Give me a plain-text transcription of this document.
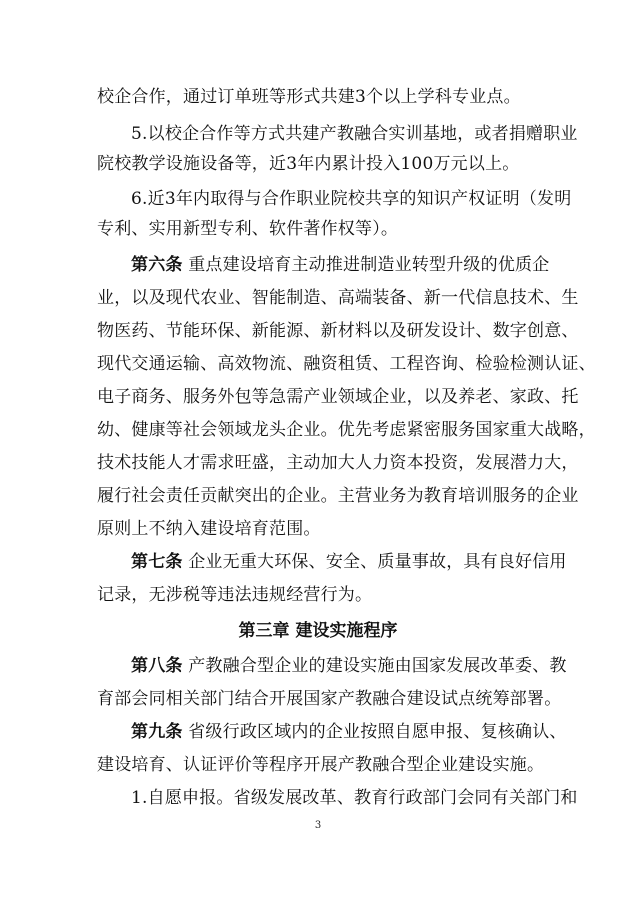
校企合作，通过订单班等形式共建3个以上学科专业点。
5.以校企合作等方式共建产教融合实训基地，或者捐赠职业
院校教学设施设备等，近3年内累计投入100万元以上。
6.近3年内取得与合作职业院校共享的知识产权证明（发明
专利、实用新型专利、软件著作权等）。
第六条 重点建设培育主动推进制造业转型升级的优质企
业，以及现代农业、智能制造、高端装备、新一代信息技术、生
物医药、节能环保、新能源、新材料以及研发设计、数字创意、
现代交通运输、高效物流、融资租赁、工程咨询、检验检测认证、
电子商务、服务外包等急需产业领域企业，以及养老、家政、托
幼、健康等社会领域龙头企业。优先考虑紧密服务国家重大战略，
技术技能人才需求旺盛，主动加大人力资本投资，发展潜力大，
履行社会责任贡献突出的企业。主营业务为教育培训服务的企业
原则上不纳入建设培育范围。
第七条 企业无重大环保、安全、质量事故，具有良好信用
记录，无涉税等违法违规经营行为。
第三章 建设实施程序
第八条 产教融合型企业的建设实施由国家发展改革委、教
育部会同相关部门结合开展国家产教融合建设试点统筹部署。
第九条 省级行政区域内的企业按照自愿申报、复核确认、
建设培育、认证评价等程序开展产教融合型企业建设实施。
1.自愿申报。省级发展改革、教育行政部门会同有关部门和
3
